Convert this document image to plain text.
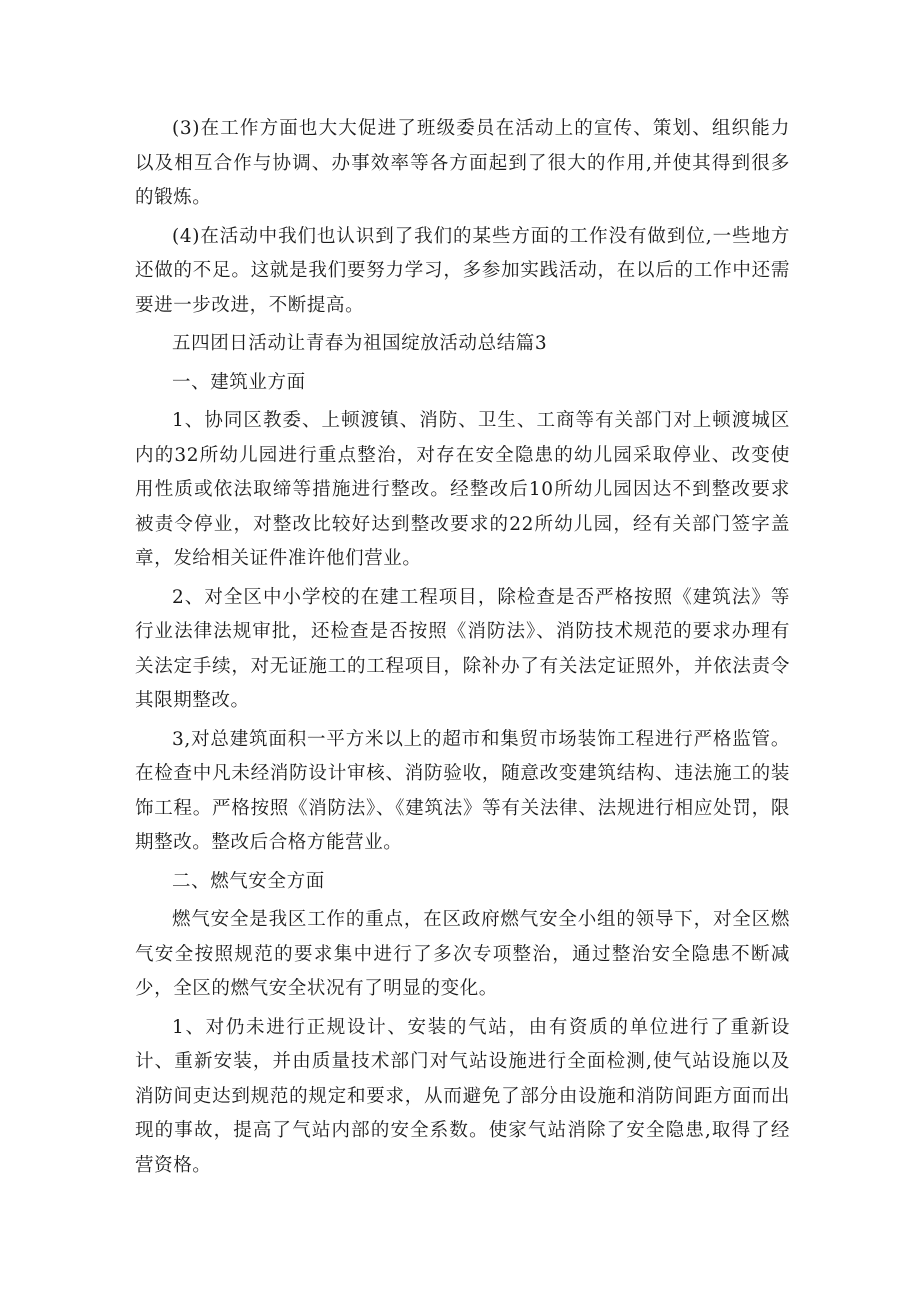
(3)在工作方面也大大促进了班级委员在活动上的宣传、策划、组织能力以及相互合作与协调、办事效率等各方面起到了很大的作用,并使其得到很多的锻炼。

(4)在活动中我们也认识到了我们的某些方面的工作没有做到位,一些地方还做的不足。这就是我们要努力学习，多参加实践活动，在以后的工作中还需要进一步改进，不断提高。

五四团日活动让青春为祖国绽放活动总结篇3

一、建筑业方面

1、协同区教委、上顿渡镇、消防、卫生、工商等有关部门对上顿渡城区内的32所幼儿园进行重点整治，对存在安全隐患的幼儿园采取停业、改变使用性质或依法取缔等措施进行整改。经整改后10所幼儿园因达不到整改要求被责令停业，对整改比较好达到整改要求的22所幼儿园，经有关部门签字盖章，发给相关证件准许他们营业。

2、对全区中小学校的在建工程项目，除检查是否严格按照《建筑法》等行业法律法规审批，还检查是否按照《消防法》、消防技术规范的要求办理有关法定手续，对无证施工的工程项目，除补办了有关法定证照外，并依法责令其限期整改。

3,对总建筑面积一平方米以上的超市和集贸市场装饰工程进行严格监管。在检查中凡未经消防设计审核、消防验收，随意改变建筑结构、违法施工的装饰工程。严格按照《消防法》、《建筑法》等有关法律、法规进行相应处罚，限期整改。整改后合格方能营业。

二、燃气安全方面

燃气安全是我区工作的重点，在区政府燃气安全小组的领导下，对全区燃气安全按照规范的要求集中进行了多次专项整治，通过整治安全隐患不断减少，全区的燃气安全状况有了明显的变化。

1、对仍未进行正规设计、安装的气站，由有资质的单位进行了重新设计、重新安装，并由质量技术部门对气站设施进行全面检测,使气站设施以及消防间吏达到规范的规定和要求，从而避免了部分由设施和消防间距方面而出现的事故，提高了气站内部的安全系数。使家气站消除了安全隐患,取得了经营资格。
